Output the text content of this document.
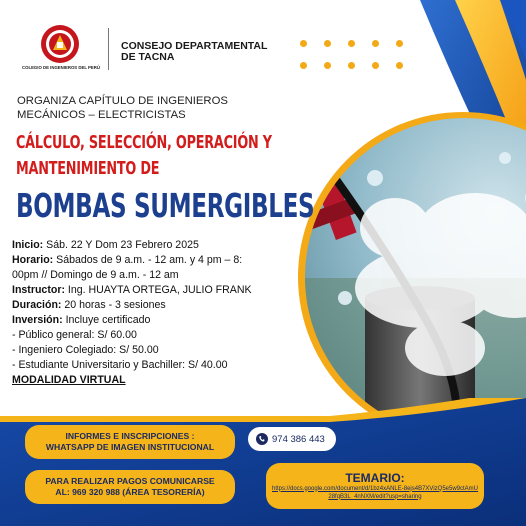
COLEGIO DE INGENIEROS DEL PERÚ
CONSEJO DEPARTAMENTAL
DE TACNA
ORGANIZA CAPÍTULO DE INGENIEROS
MECÁNICOS – ELECTRICISTAS
CÁLCULO, SELECCIÓN, OPERACIÓN Y
MANTENIMIENTO DE
BOMBAS SUMERGIBLES
Inicio: Sáb. 22 Y Dom 23 Febrero 2025
Horario: Sábados de 9 a.m. - 12 am. y 4 pm – 8:
00pm // Domingo de 9 a.m. - 12 am
Instructor: Ing. HUAYTA ORTEGA, JULIO FRANK
Duración: 20 horas - 3 sesiones
Inversión: Incluye certificado
- Público general: S/ 60.00
- Ingeniero Colegiado: S/ 50.00
- Estudiante Universitario y Bachiller: S/ 40.00
MODALIDAD VIRTUAL
INFORMES E INSCRIPCIONES :
WHATSAPP DE IMAGEN INSTITUCIONAL
974 386 443
PARA REALIZAR PAGOS COMUNICARSE
AL: 969 320 988 (ÁREA TESORERÍA)
TEMARIO:
https://docs.google.com/document/d/1bz4xANLE-8ejs4B7XVizQ5e5w9ctAmU28fqB3L_4nNXM/edit?usp=sharing
